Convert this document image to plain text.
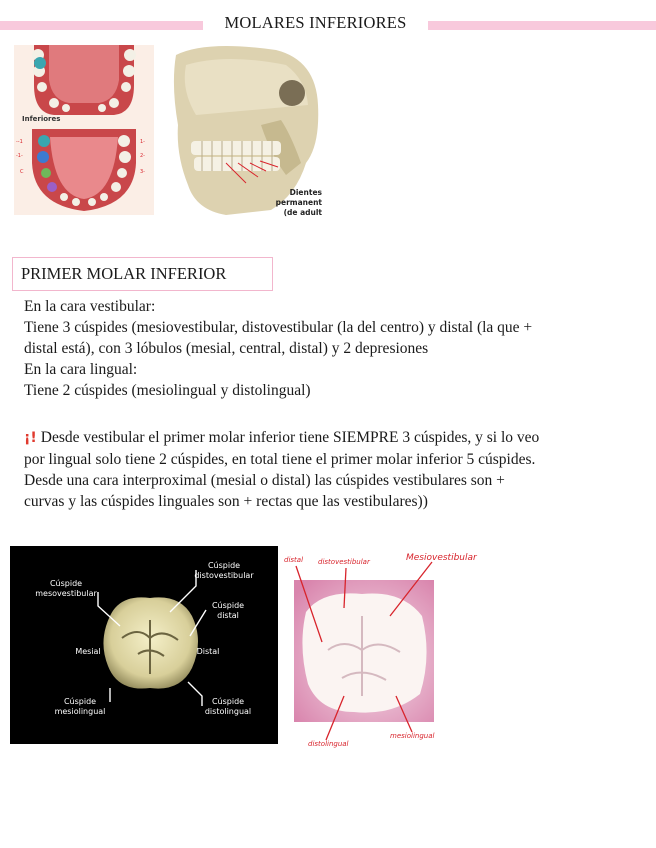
MOLARES INFERIORES
Inferiores
--1
-1-
C
1-
2-
3-
Dientes
permanent
(de adult
PRIMER MOLAR INFERIOR

En la cara vestibular:

Tiene 3 cúspides (mesiovestibular, distovestibular (la del centro) y distal (la que +

distal está), con 3 lóbulos (mesial, central, distal) y 2 depresiones

En la cara lingual:

Tiene 2 cúspides (mesiolingual y distolingual)

¡! Desde vestibular el primer molar inferior tiene SIEMPRE 3 cúspides, y si lo veo

por lingual solo tiene 2 cúspides, en total tiene el primer molar inferior 5 cúspides.

Desde una cara interproximal (mesial o distal) las cúspides vestibulares son +

curvas y las cúspides linguales son + rectas que las vestibulares))

Cúspide
mesovestibular
Cúspide
distovestibular
Cúspide
distal
Mesial	Distal
Cúspide
mesiolingual
Cúspide
distolingual
distal distovestibular	Mesiovestibular
distolingual
mesiolingual
